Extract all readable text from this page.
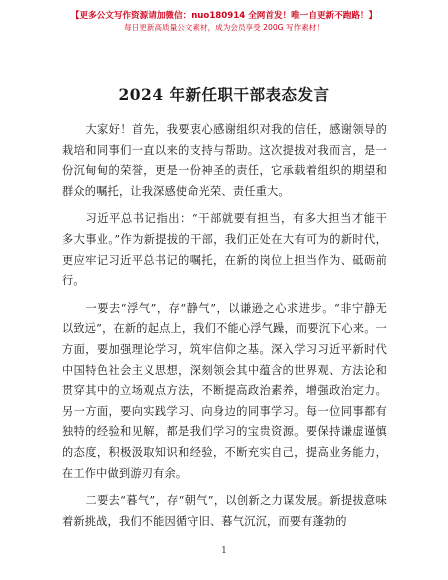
【更多公文写作资源请加微信：nuo180914 全网首发！唯一自更新不跑路！】
每日更新高质量公文素材，成为会员享受 200G 写作素材！
2024 年新任职干部表态发言

大家好！首先，我要衷心感谢组织对我的信任，感谢领导的栽培和同事们一直以来的支持与帮助。这次提拔对我而言，是一份沉甸甸的荣誉，更是一份神圣的责任，它承载着组织的期望和群众的嘱托，让我深感使命光荣、责任重大。

习近平总书记指出：“干部就要有担当，有多大担当才能干多大事业。”作为新提拔的干部，我们正处在大有可为的新时代，更应牢记习近平总书记的嘱托，在新的岗位上担当作为、砥砺前行。

一要去“浮气”，存“静气”，以谦逊之心求进步。“非宁静无以致远”，在新的起点上，我们不能心浮气躁，而要沉下心来。一方面，要加强理论学习，筑牢信仰之基。深入学习习近平新时代中国特色社会主义思想，深刻领会其中蕴含的世界观、方法论和贯穿其中的立场观点方法，不断提高政治素养，增强政治定力。另一方面，要向实践学习、向身边的同事学习。每一位同事都有独特的经验和见解，都是我们学习的宝贵资源。要保持谦虚谨慎的态度，积极汲取知识和经验，不断充实自己，提高业务能力，在工作中做到游刃有余。

二要去“暮气”，存“朝气”，以创新之力谋发展。新提拔意味着新挑战，我们不能因循守旧、暮气沉沉，而要有蓬勃的

1
